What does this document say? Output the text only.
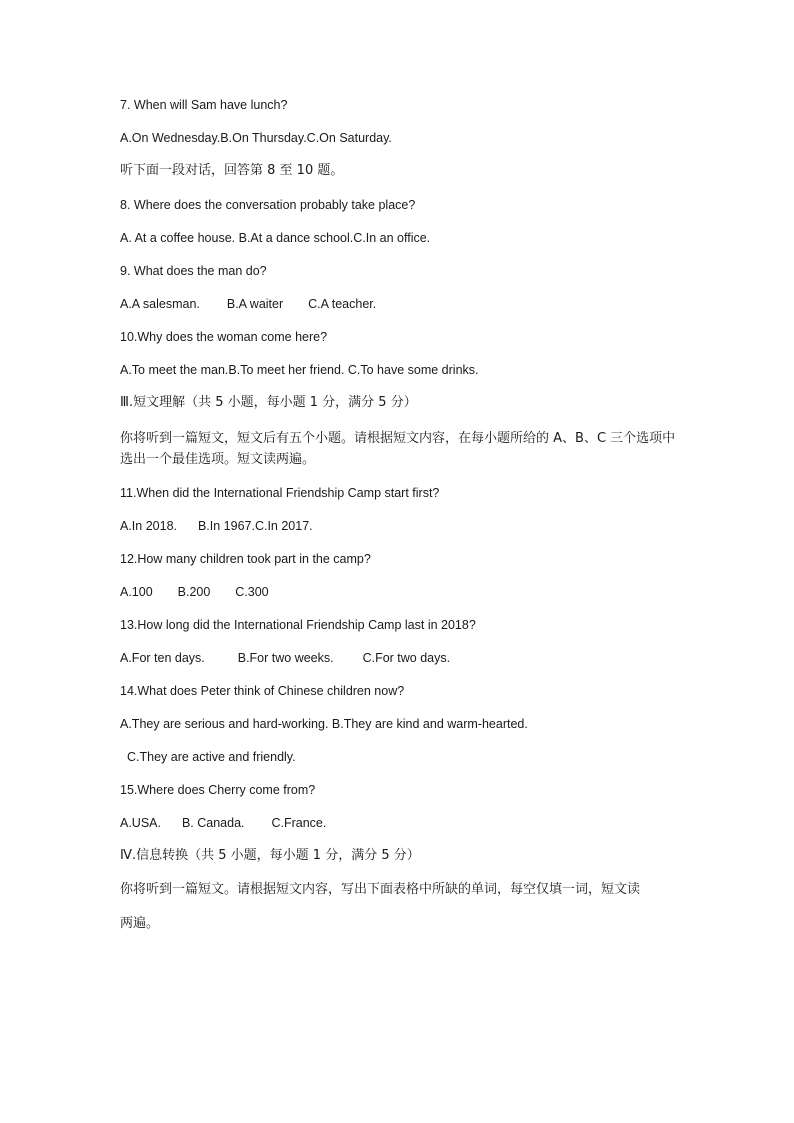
7. When will Sam have lunch?
A.On Wednesday.B.On Thursday.C.On Saturday.
听下面一段对话，回答第 8 至 10 题。
8. Where does the conversation probably take place?
A. At a coffee house. B.At a dance school.C.In an office.
9. What does the man do?
A.A salesman. B.A waiter C.A teacher.
10.Why does the woman come here?
A.To meet the man.B.To meet her friend. C.To have some drinks.
Ⅲ.短文理解（共 5 小题，每小题 1 分，满分 5 分）
你将听到一篇短文，短文后有五个小题。请根据短文内容，在每小题所给的 A、B、C 三个选项中选出一个最佳选项。短文读两遍。
11.When did the International Friendship Camp start first?
A.In 2018. B.In 1967.C.In 2017.
12.How many children took part in the camp?
A.100 B.200 C.300
13.How long did the International Friendship Camp last in 2018?
A.For ten days.	B.For two weeks. C.For two days.
14.What does Peter think of Chinese children now?
A.They are serious and hard-working. B.They are kind and warm-hearted.
C.They are active and friendly.
15.Where does Cherry come from?
A.USA. B. Canada. C.France.
Ⅳ.信息转换（共 5 小题，每小题 1 分，满分 5 分）
你将听到一篇短文。请根据短文内容，写出下面表格中所缺的单词，每空仅填一词，短文读
两遍。
